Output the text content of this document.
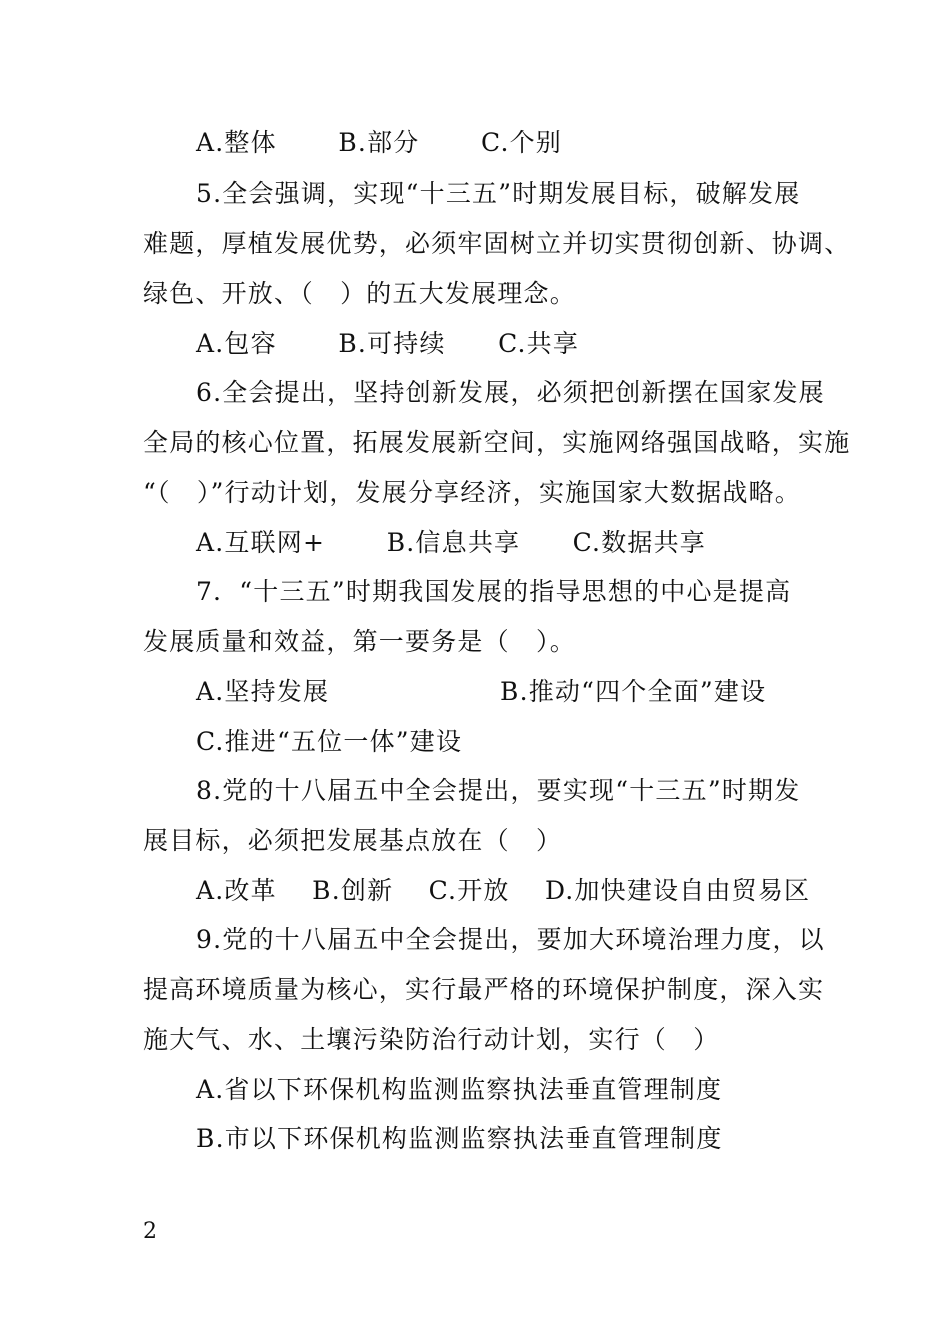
A.整体　　 B.部分　　 C.个别
5.全会强调，实现“十三五”时期发展目标，破解发展
难题，厚植发展优势，必须牢固树立并切实贯彻创新、协调、
绿色、开放、（　）的五大发展理念。
A.包容　　 B.可持续　　C.共享
6.全会提出，坚持创新发展，必须把创新摆在国家发展
全局的核心位置，拓展发展新空间，实施网络强国战略，实施
“（　）”行动计划，发展分享经济，实施国家大数据战略。
A.互联网+　　 B.信息共享　　C.数据共享
7．“十三五”时期我国发展的指导思想的中心是提高
发展质量和效益，第一要务是（　）。
A.坚持发展	B.推动“四个全面”建设
C.推进“五位一体”建设
8.党的十八届五中全会提出，要实现“十三五”时期发
展目标，必须把发展基点放在（　）
A.改革　 B.创新　 C.开放　 D.加快建设自由贸易区
9.党的十八届五中全会提出，要加大环境治理力度，以
提高环境质量为核心，实行最严格的环境保护制度，深入实
施大气、水、土壤污染防治行动计划，实行（　）
A.省以下环保机构监测监察执法垂直管理制度
B.市以下环保机构监测监察执法垂直管理制度
2
